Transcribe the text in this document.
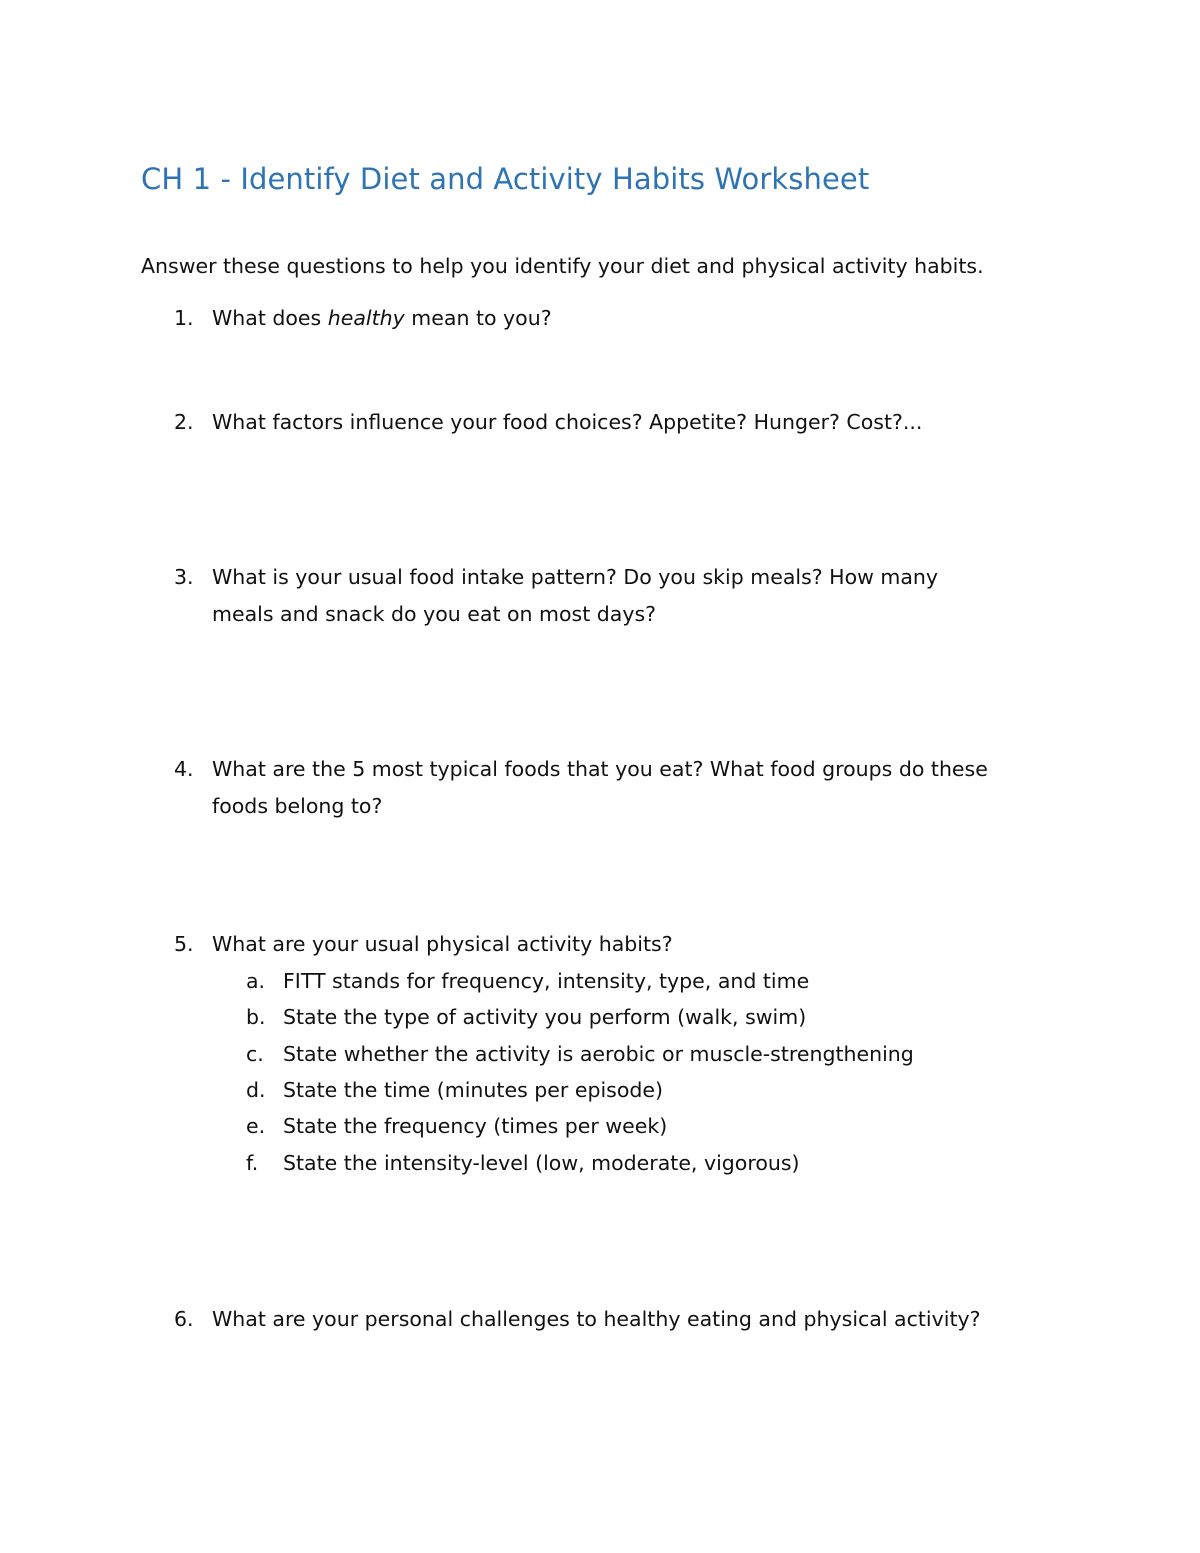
CH 1 - Identify Diet and Activity Habits Worksheet

Answer these questions to help you identify your diet and physical activity habits.

1. What does healthy mean to you?
2. What factors influence your food choices? Appetite? Hunger? Cost?...
3. What is your usual food intake pattern? Do you skip meals? How many
meals and snack do you eat on most days?
4. What are the 5 most typical foods that you eat? What food groups do these
foods belong to?
5. What are your usual physical activity habits?
a. FITT stands for frequency, intensity, type, and time
b. State the type of activity you perform (walk, swim)
c. State whether the activity is aerobic or muscle-strengthening
d. State the time (minutes per episode)
e. State the frequency (times per week)
f. State the intensity-level (low, moderate, vigorous)
6. What are your personal challenges to healthy eating and physical activity?
